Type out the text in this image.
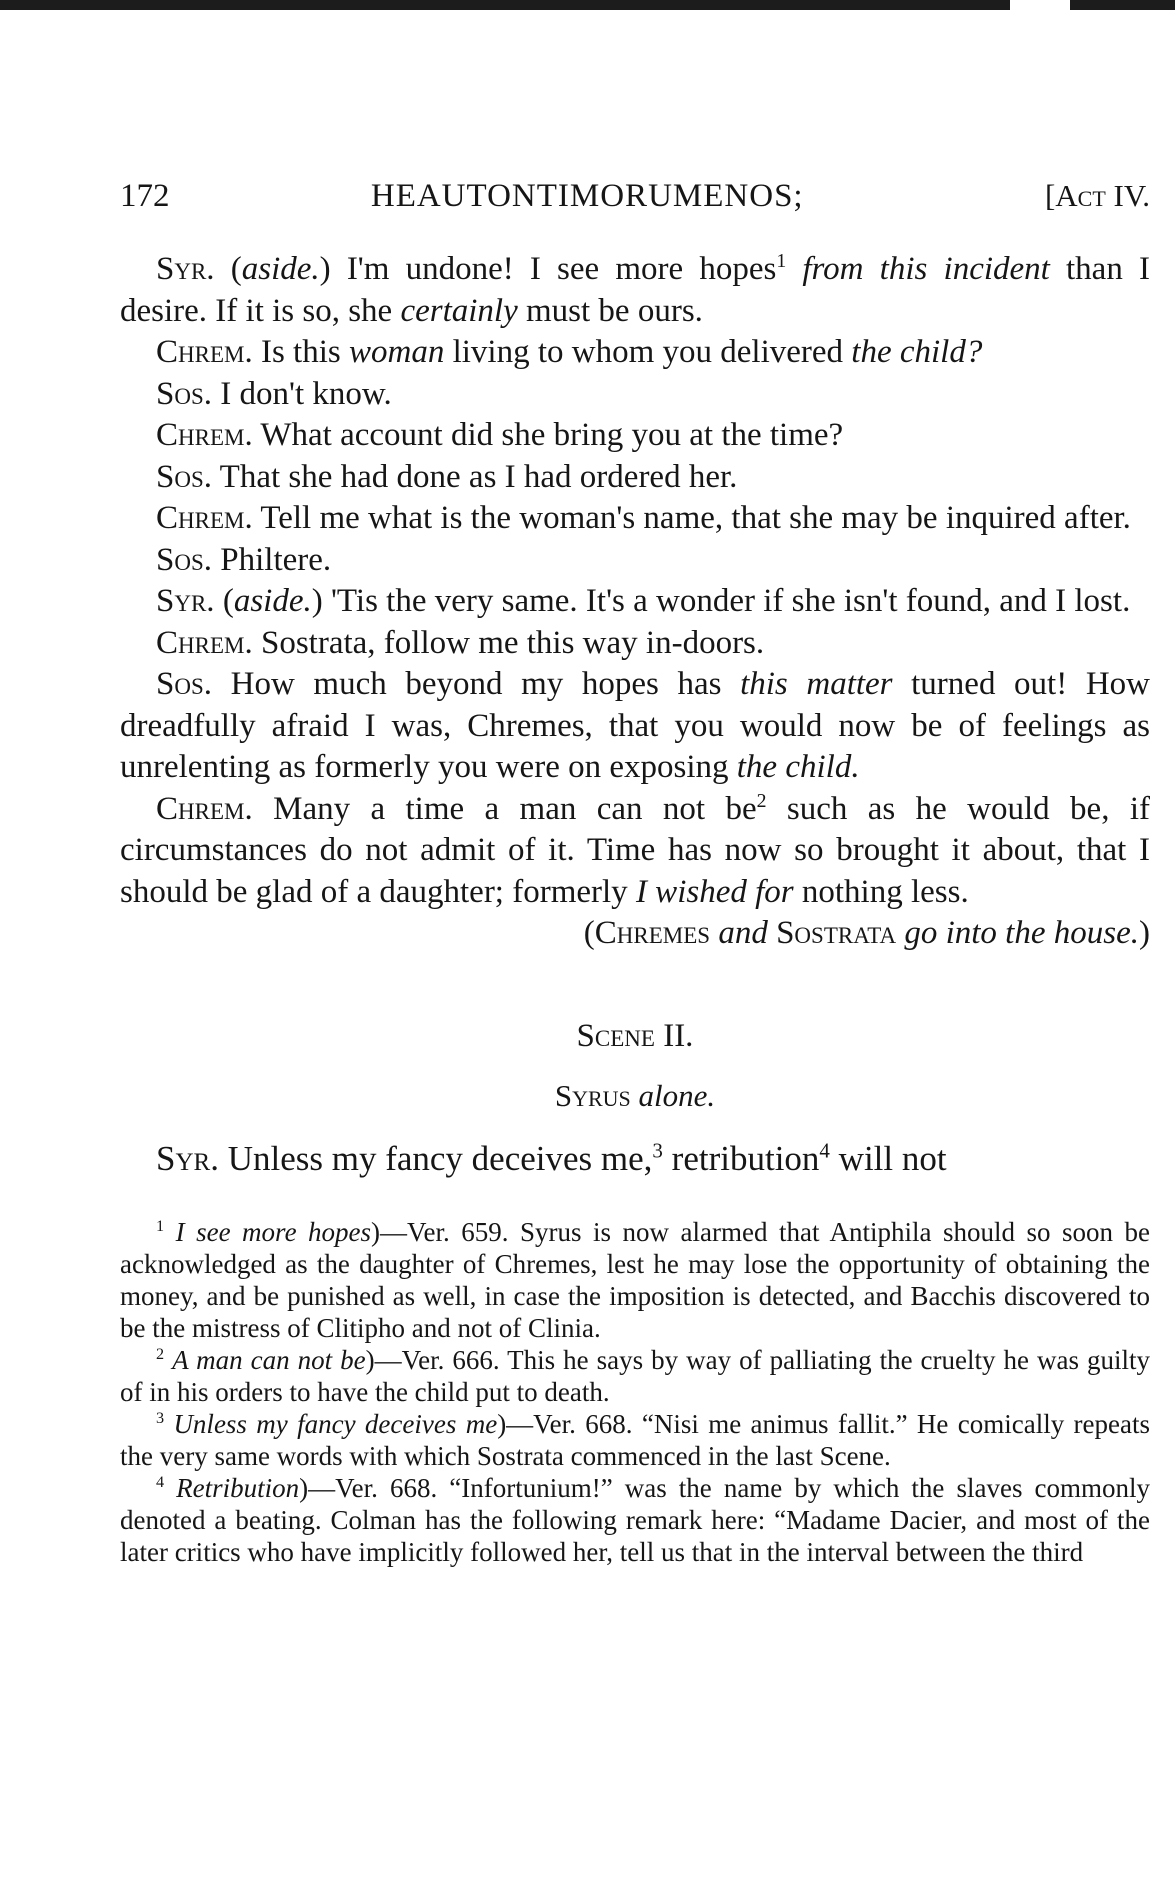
172	HEAUTONTIMORUMENOS;	[Act IV.

Syr. (aside.) I'm undone! I see more hopes$^1$ from this incident than I desire. If it is so, she certainly must be ours.

Chrem. Is this woman living to whom you delivered the child?

Sos. I don't know.

Chrem. What account did she bring you at the time?

Sos. That she had done as I had ordered her.

Chrem. Tell me what is the woman's name, that she may be inquired after.

Sos. Philtere.

Syr. (aside.) 'Tis the very same. It's a wonder if she isn't found, and I lost.

Chrem. Sostrata, follow me this way in-doors.

Sos. How much beyond my hopes has this matter turned out! How dreadfully afraid I was, Chremes, that you would now be of feelings as unrelenting as formerly you were on exposing the child.

Chrem. Many a time a man can not $be^2$ such as he would be, if circumstances do not admit of it. Time has now so brought it about, that I should be glad of a daughter; formerly I wished for nothing less.

(Chremes and Sostrata go into the house.)

Scene II.
Syrus alone.

Syr. Unless my fancy deceives me,$^3$ retribution$^4$ will not

$^1$ I see more hopes)—Ver. 659. Syrus is now alarmed that Antiphila should so soon be acknowledged as the daughter of Chremes, lest he may lose the opportunity of obtaining the money, and be punished as well, in case the imposition is detected, and Bacchis discovered to be the mistress of Clitipho and not of Clinia.

$^2$ A man can not be)—Ver. 666. This he says by way of palliating the cruelty he was guilty of in his orders to have the child put to death.

$^3$ Unless my fancy deceives me)—Ver. 668. “Nisi me animus fallit.” He comically repeats the very same words with which Sostrata commenced in the last Scene.

$^4$ Retribution)—Ver. 668. “Infortunium!” was the name by which the slaves commonly denoted a beating. Colman has the following remark here: “Madame Dacier, and most of the later critics who have implicitly followed her, tell us that in the interval between the third
